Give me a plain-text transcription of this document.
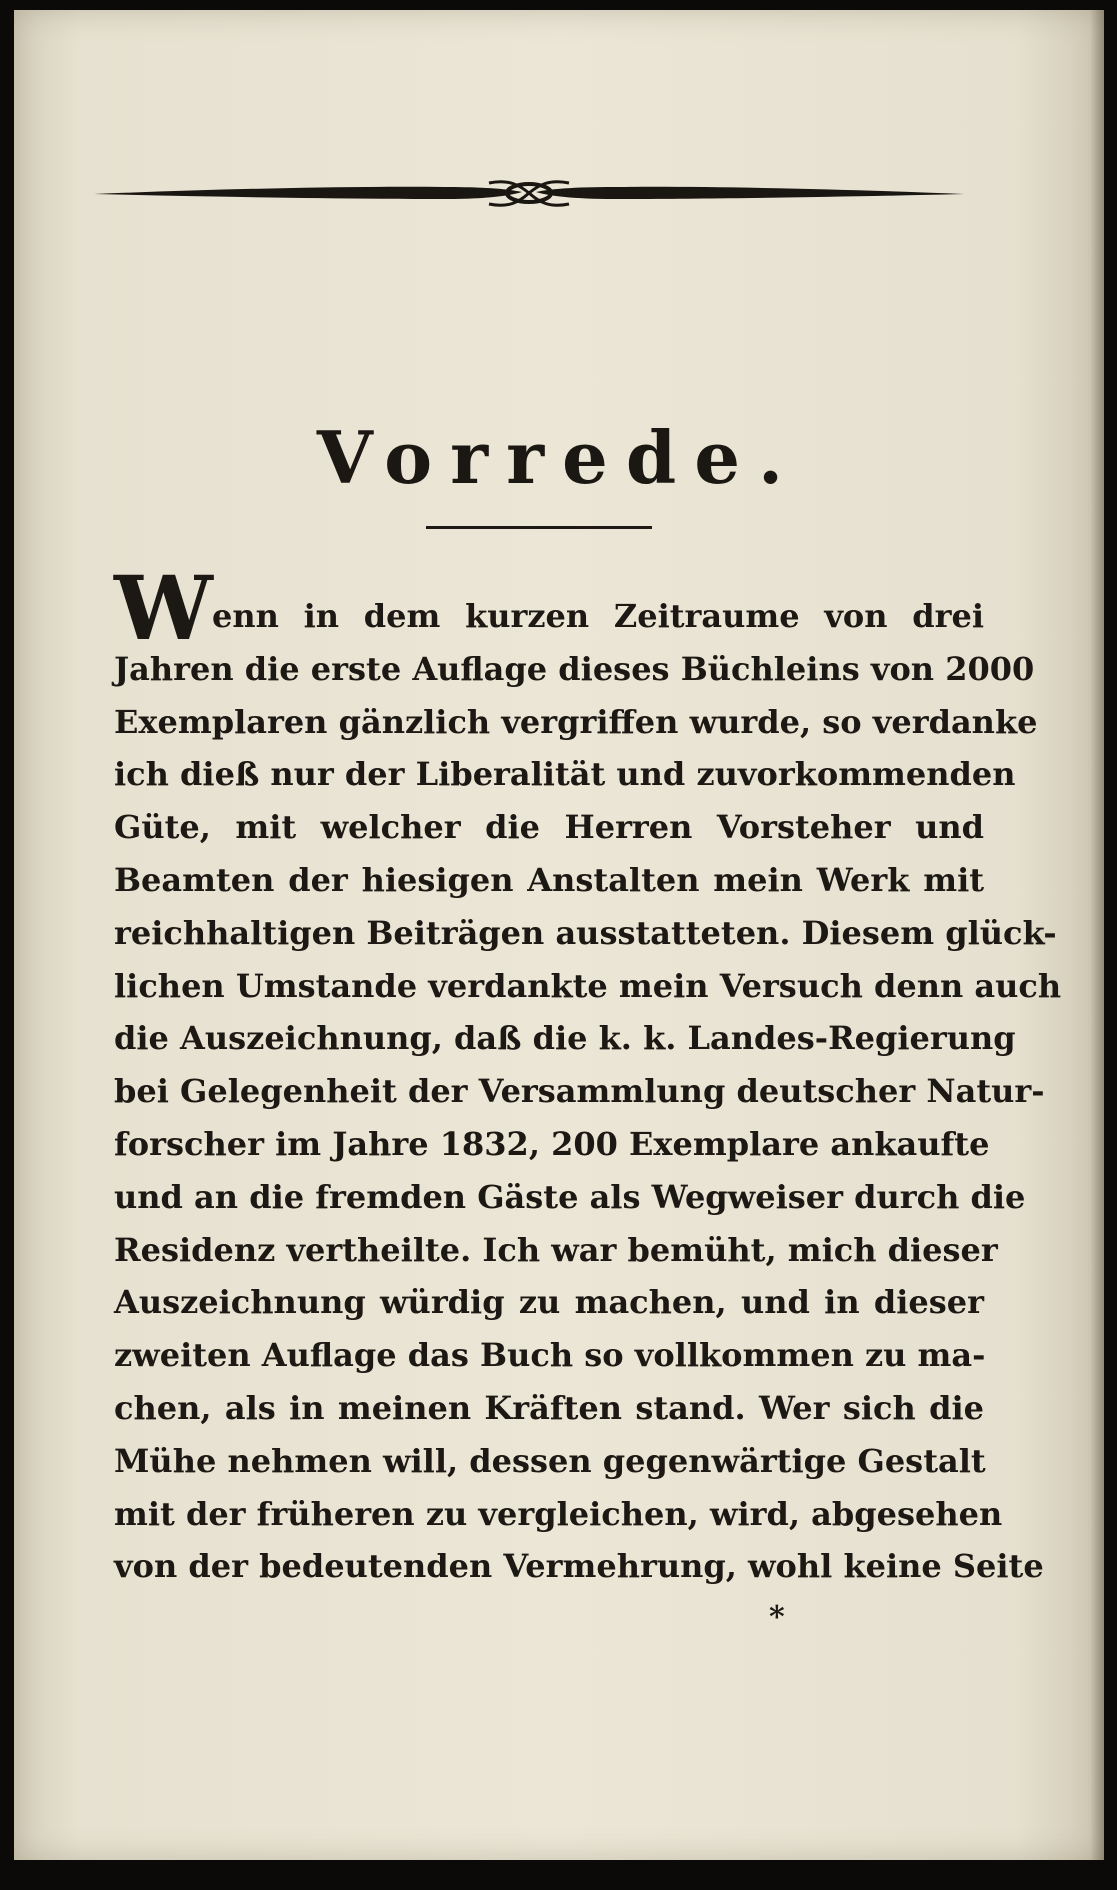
Vorrede.
W enn in dem kurzen Zeitraume von drei
Jahren die erste Auflage dieses Büchleins von 2000
Exemplaren gänzlich vergriffen wurde, so verdanke
ich dieß nur der Liberalität und zuvorkommenden
Güte, mit welcher die Herren Vorsteher und
Beamten der hiesigen Anstalten mein Werk mit
reichhaltigen Beiträgen ausstatteten. Diesem glück-
lichen Umstande verdankte mein Versuch denn auch
die Auszeichnung, daß die k. k. Landes-Regierung
bei Gelegenheit der Versammlung deutscher Natur-
forscher im Jahre 1832, 200 Exemplare ankaufte
und an die fremden Gäste als Wegweiser durch die
Residenz vertheilte. Ich war bemüht, mich dieser
Auszeichnung würdig zu machen, und in dieser
zweiten Auflage das Buch so vollkommen zu ma-
chen, als in meinen Kräften stand. Wer sich die
Mühe nehmen will, dessen gegenwärtige Gestalt
mit der früheren zu vergleichen, wird, abgesehen
von der bedeutenden Vermehrung, wohl keine Seite
*
